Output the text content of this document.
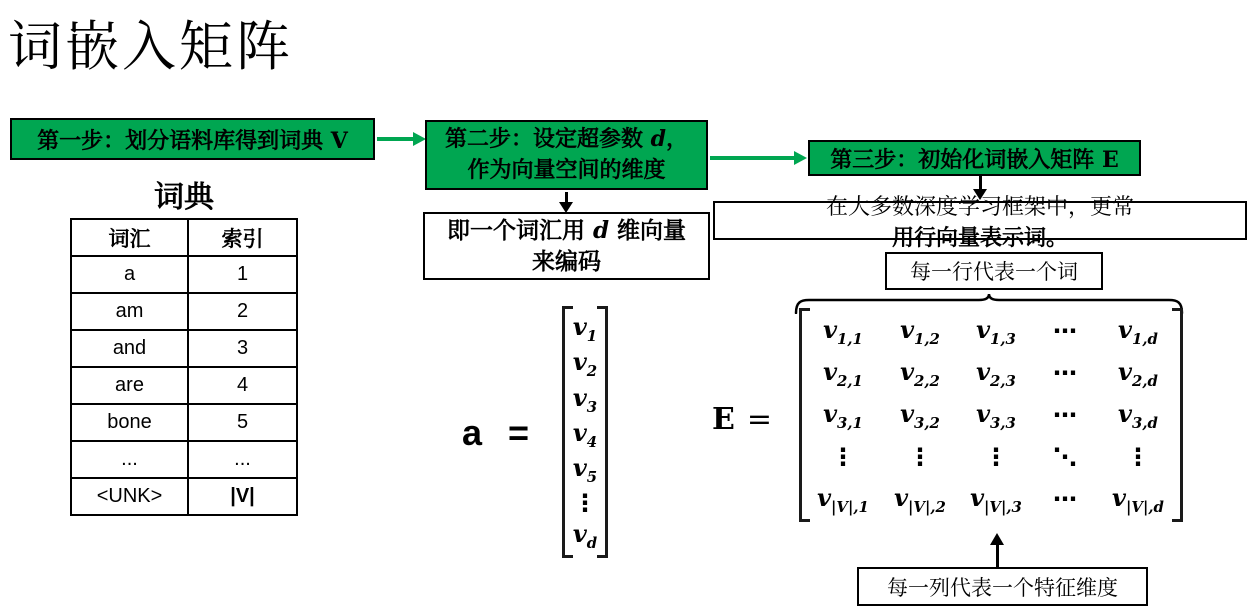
词嵌入矩阵
第一步：划分语料库得到词典 V	第二步：设定超参数 d，
作为向量空间的维度	第三步：初始化词嵌入矩阵 E
即一个词汇用 d 维向量
来编码
在大多数深度学习框架中，更常
用行向量表示词。
词典
词汇	索引
a	1
am	2
and	3
are	4
bone	5
...	...
<UNK>	|V|
a =
$v_1$
$v_2$
$v_3$
$v_4$
$v_5$
⋮
$v_d$
每一行代表一个词
E =
$v_{1,1}$ $v_{1,2}$ $v_{1,3}$ ⋯ $v_{1,d}$
$v_{2,1}$ $v_{2,2}$ $v_{2,3}$ ⋯ $v_{2,d}$
$v_{3,1}$ $v_{3,2}$ $v_{3,3}$ ⋯ $v_{3,d}$
⋮ ⋮ ⋮ ⋱ ⋮
$v_{|V|,1}$ $v_{|V|,2}$ $v_{|V|,3}$ ⋯ $v_{|V|,d}$
每一列代表一个特征维度
